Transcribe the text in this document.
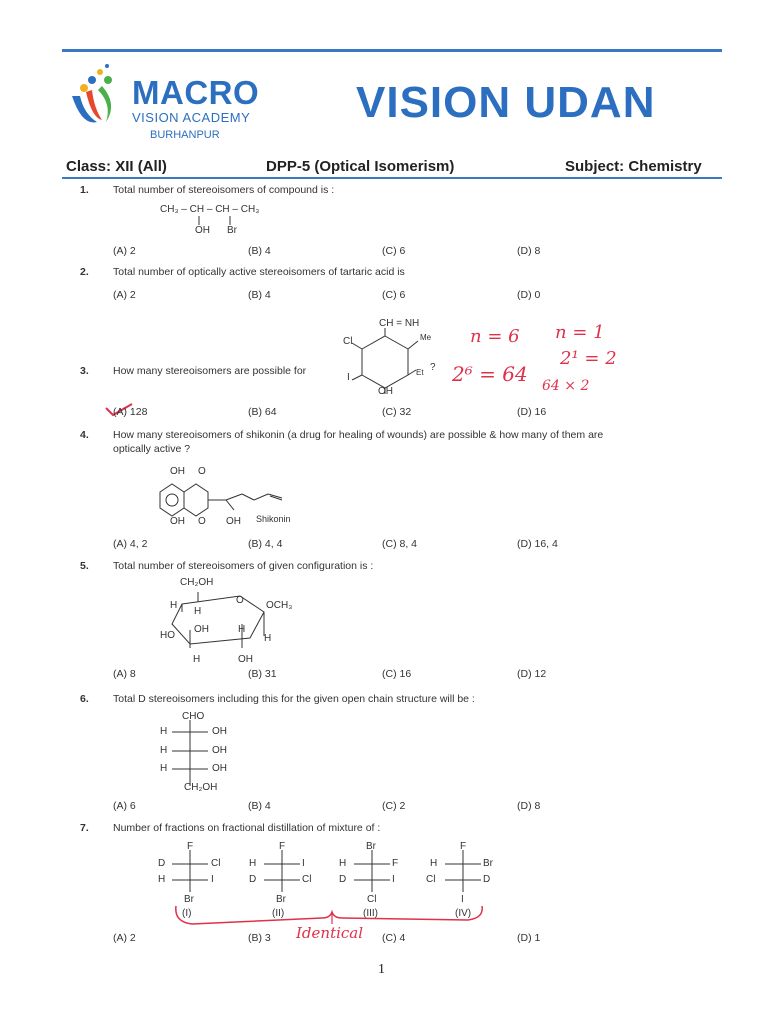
MACRO
VISION ACADEMY
BURHANPUR
VISION UDAN
Class: XII (All)	DPP-5 (Optical Isomerism)	Subject: Chemistry
1. Total number of stereoisomers of compound is :
CH₃ – CH – CH – CH₃
OH Br
(A) 2	(B) 4	(C) 6	(D) 8
2. Total number of optically active stereoisomers of tartaric acid is
(A) 2	(B) 4	(C) 6	(D) 0
3. How many stereoisomers are possible for
CH = NH
Cl	Me
I	Et
OH
?
n = 6
2⁶ = 64
n = 1
2¹ = 2
64 × 2
(A) 128	(B) 64	(C) 32	(D) 16
4. How many stereoisomers of shikonin (a drug for healing of wounds) are possible & how many of them are
optically active ?
OH O
OH O OH Shikonin
(A) 4, 2	(B) 4, 4	(C) 8, 4	(D) 16, 4
5. Total number of stereoisomers of given configuration is :
CH₂OH
H
H
O OCH₃
HO
OH	H
H
H	OH
(A) 8	(B) 31	(C) 16	(D) 12
6. Total D stereoisomers including this for the given open chain structure will be :
CHO
H	OH
H	OH
H	OH
CH₂OH
(A) 6	(B) 4	(C) 2	(D) 8
7. Number of fractions on fractional distillation of mixture of :
F
D	Cl
H	I
Br
(I)
F
H	I
D	Cl
Br
(II)
Br
H	F
D	I
Cl
(III)
F
H	Br
Cl	D
I
(IV)
Identical
(A) 2	(B) 3	(C) 4	(D) 1
1
